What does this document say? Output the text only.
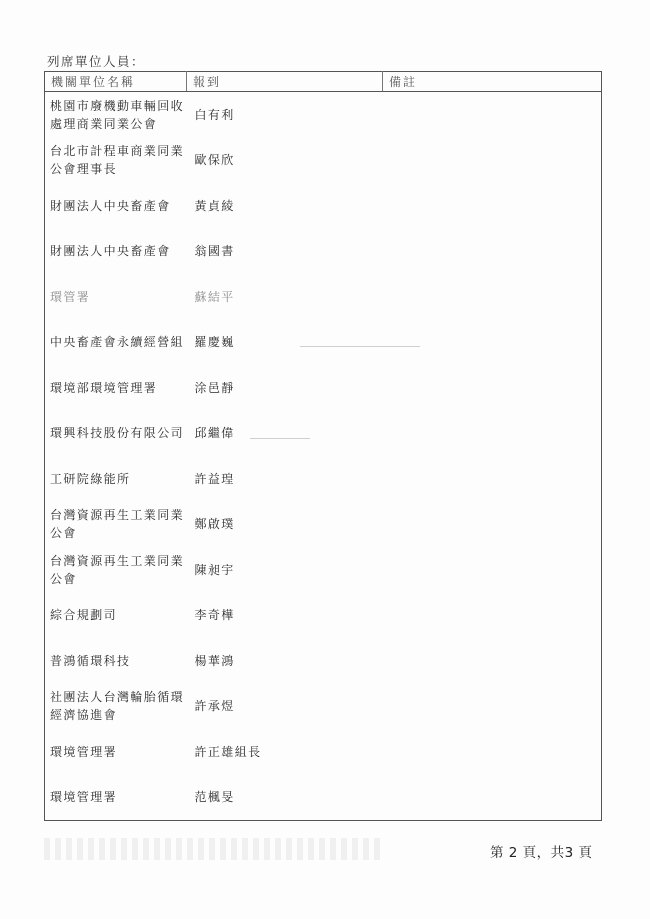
列席單位人員：
機關單位名稱	報到	備註
桃園市廢機動車輛回收處理商業同業公會	白有利	
台北市計程車商業同業公會理事長	歐保欣	
財團法人中央畜產會	黃貞綾	
財團法人中央畜產會	翁國書	
環管署	蘇結平	
中央畜產會永續經營組	羅慶巍	
環境部環境管理署	涂邑靜	
環興科技股份有限公司	邱繼偉	
工研院綠能所	許益瑝	
台灣資源再生工業同業公會	鄭啟璞	
台灣資源再生工業同業公會	陳昶宇	
綜合規劃司	李奇樺	
普鴻循環科技	楊華鴻	
社團法人台灣輪胎循環經濟協進會	許承煜	
環境管理署	許正雄組長	
環境管理署	范楓旻	
第 2 頁，共3 頁
